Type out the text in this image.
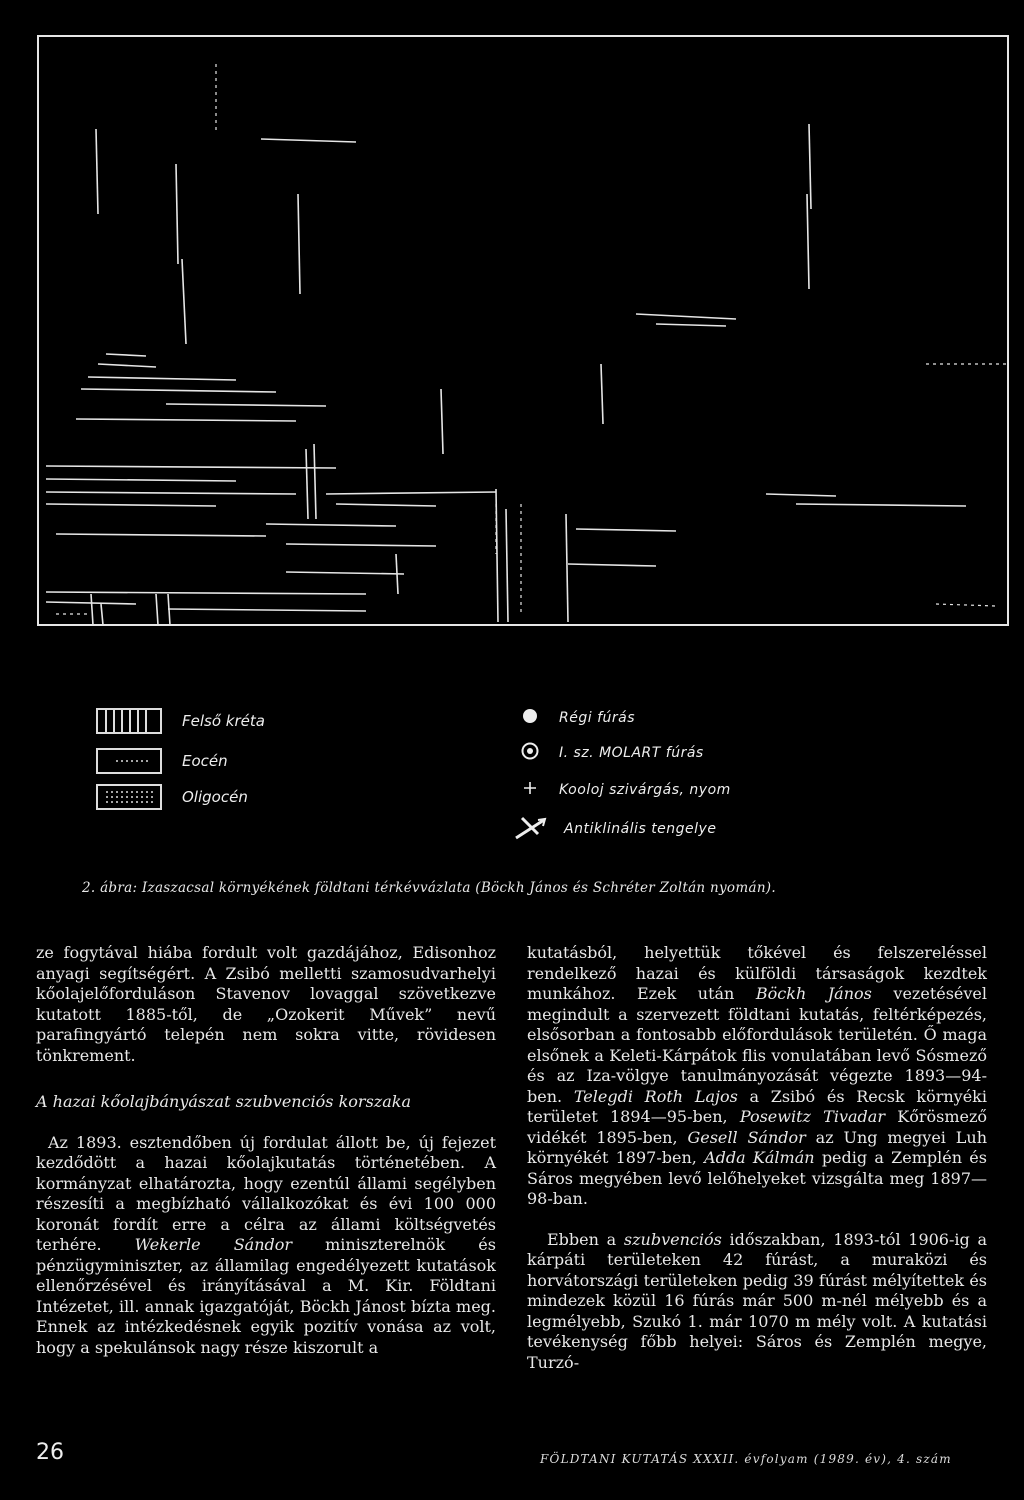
Felső kréta
Eocén
Oligocén
Régi fúrás
I. sz. MOLART fúrás
Kooloj szivárgás, nyom
Antiklinális tengelye
2. ábra: Izaszacsal környékének földtani térkévvázlata (Böckh János és Schréter Zoltán nyomán).

ze fogytával hiába fordult volt gazdájához, Edisonhoz anyagi segítségért. A Zsibó melletti szamosudvarhelyi kőolajelőforduláson Stavenov lovaggal szövetkezve kutatott 1885-től, de „Ozokerit Művek” nevű parafingyártó telepén nem sokra vitte, rövidesen tönkrement.

A hazai kőolajbányászat szubvenciós korszaka

Az 1893. esztendőben új fordulat állott be, új fejezet kezdődött a hazai kőolajkutatás történetében. A kormányzat elhatározta, hogy ezentúl állami segélyben részesíti a megbízható vállalkozókat és évi 100 000 koronát fordít erre a célra az állami költségvetés terhére. Wekerle Sándor miniszterelnök és pénzügyminiszter, az államilag engedélyezett kutatások ellenőrzésével és irányításával a M. Kir. Földtani Intézetet, ill. annak igazgatóját, Böckh Jánost bízta meg. Ennek az intézkedésnek egyik pozitív vonása az volt, hogy a spekulánsok nagy része kiszorult a

kutatásból, helyettük tőkével és felszereléssel rendelkező hazai és külföldi társaságok kezdtek munkához. Ezek után Böckh János vezetésével megindult a szervezett földtani kutatás, feltérképezés, elsősorban a fontosabb előfordulások területén. Ő maga elsőnek a Keleti-Kárpátok flis vonulatában levő Sósmező és az Iza-völgye tanulmányozását végezte 1893—94-ben. Telegdi Roth Lajos a Zsibó és Recsk környéki területet 1894—95-ben, Posewitz Tivadar Kőrösmező vidékét 1895-ben, Gesell Sándor az Ung megyei Luh környékét 1897-ben, Adda Kálmán pedig a Zemplén és Sáros megyében levő lelőhelyeket vizsgálta meg 1897—98-ban.

Ebben a szubvenciós időszakban, 1893-tól 1906-ig a kárpáti területeken 42 fúrást, a muraközi és horvátországi területeken pedig 39 fúrást mélyítettek és mindezek közül 16 fúrás már 500 m-nél mélyebb és a legmélyebb, Szukó 1. már 1070 m mély volt. A kutatási tevékenység főbb helyei: Sáros és Zemplén megye, Turzó-

26	FÖLDTANI KUTATÁS XXXII. évfolyam (1989. év), 4. szám
